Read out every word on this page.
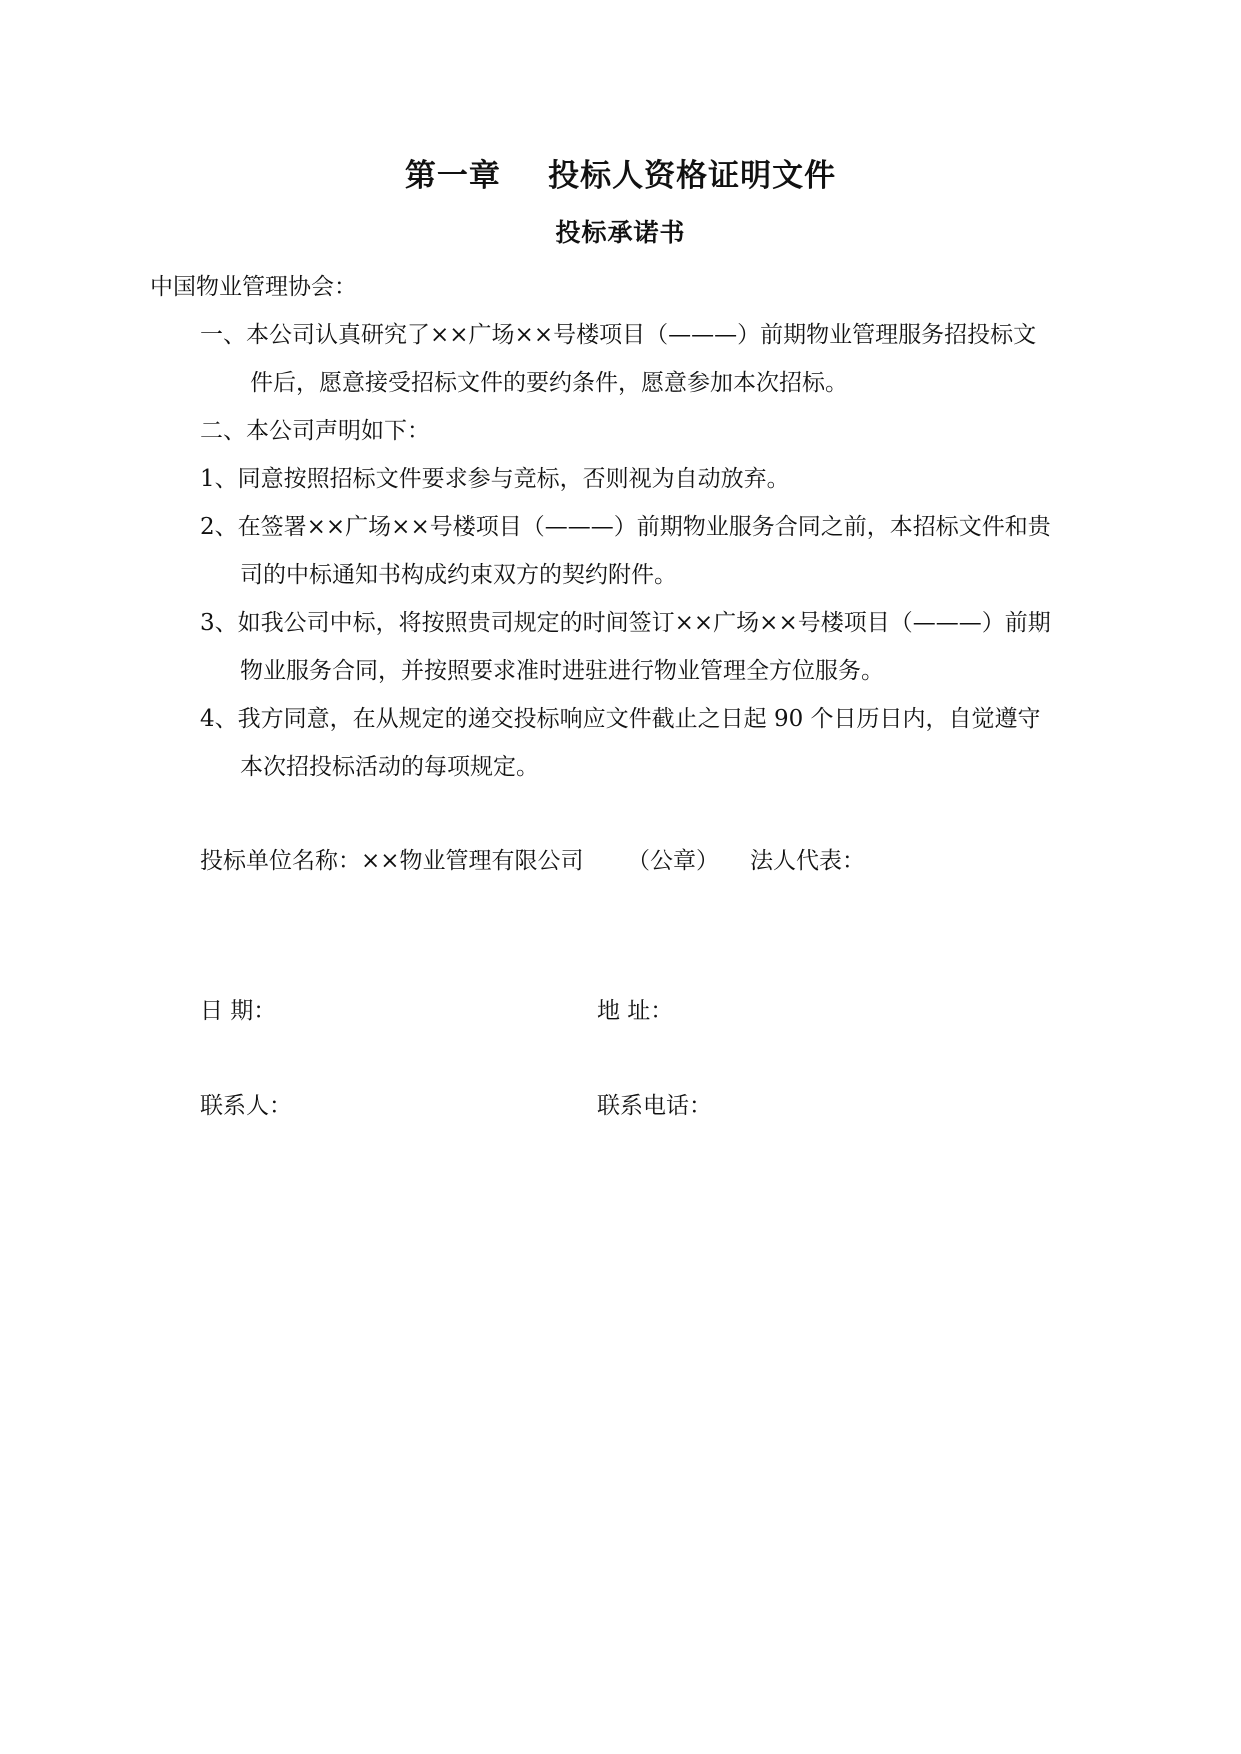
第一章    投标人资格证明文件
投标承诺书
中国物业管理协会：
一、本公司认真研究了××广场××号楼项目（———）前期物业管理服务招投标文
件后，愿意接受招标文件的要约条件，愿意参加本次招标。
二、本公司声明如下：
1、同意按照招标文件要求参与竞标，否则视为自动放弃。
2、在签署××广场××号楼项目（———）前期物业服务合同之前，本招标文件和贵
司的中标通知书构成约束双方的契约附件。
3、如我公司中标，将按照贵司规定的时间签订××广场××号楼项目（———）前期
物业服务合同，并按照要求准时进驻进行物业管理全方位服务。
4、我方同意，在从规定的递交投标响应文件截止之日起 90 个日历日内，自觉遵守
本次招投标活动的每项规定。
投标单位名称：××物业管理有限公司 （公章） 法人代表：
日 期：	地 址：
联系人：	联系电话：
